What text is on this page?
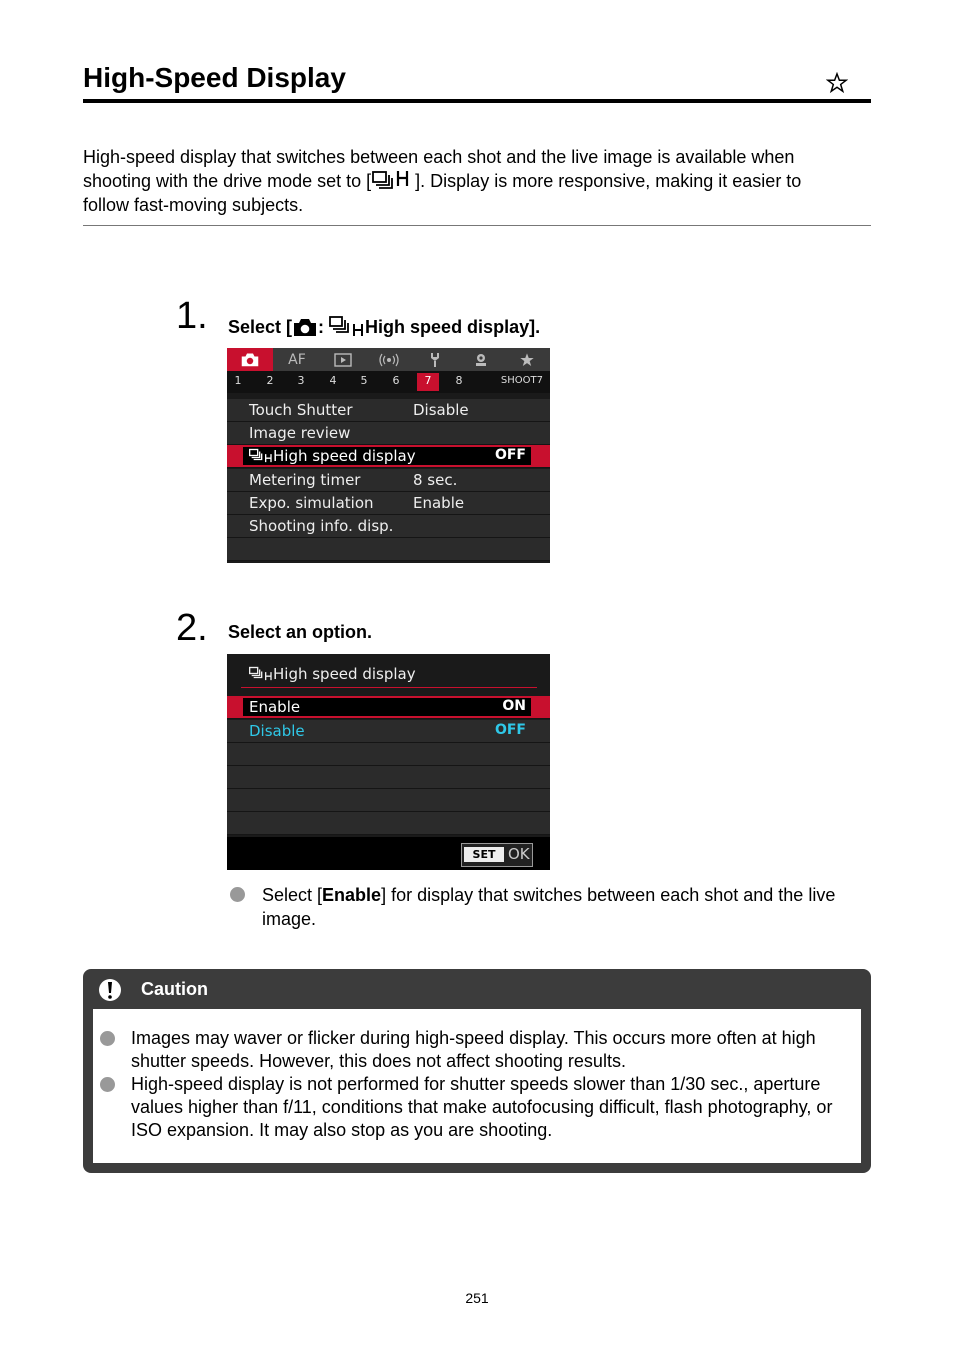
High-Speed Display
High-speed display that switches between each shot and the live image is available when
shooting with the drive mode set to [ ]. Display is more responsive, making it easier to
follow fast-moving subjects.
1. Select [ : High speed display].
AF
1	2	3	4	5	6	7	8	SHOOT7
Touch Shutter	Disable
Image review
High speed display	OFF
Metering timer	8 sec.
Expo. simulation	Enable
Shooting info. disp.
2. Select an option.
High speed display
Enable	ON
Disable	OFF
SET OK
Select [Enable] for display that switches between each shot and the live image.
Caution
Images may waver or flicker during high-speed display. This occurs more often at high shutter speeds. However, this does not affect shooting results.
High-speed display is not performed for shutter speeds slower than 1/30 sec., aperture values higher than f/11, conditions that make autofocusing difficult, flash photography, or ISO expansion. It may also stop as you are shooting.
251
